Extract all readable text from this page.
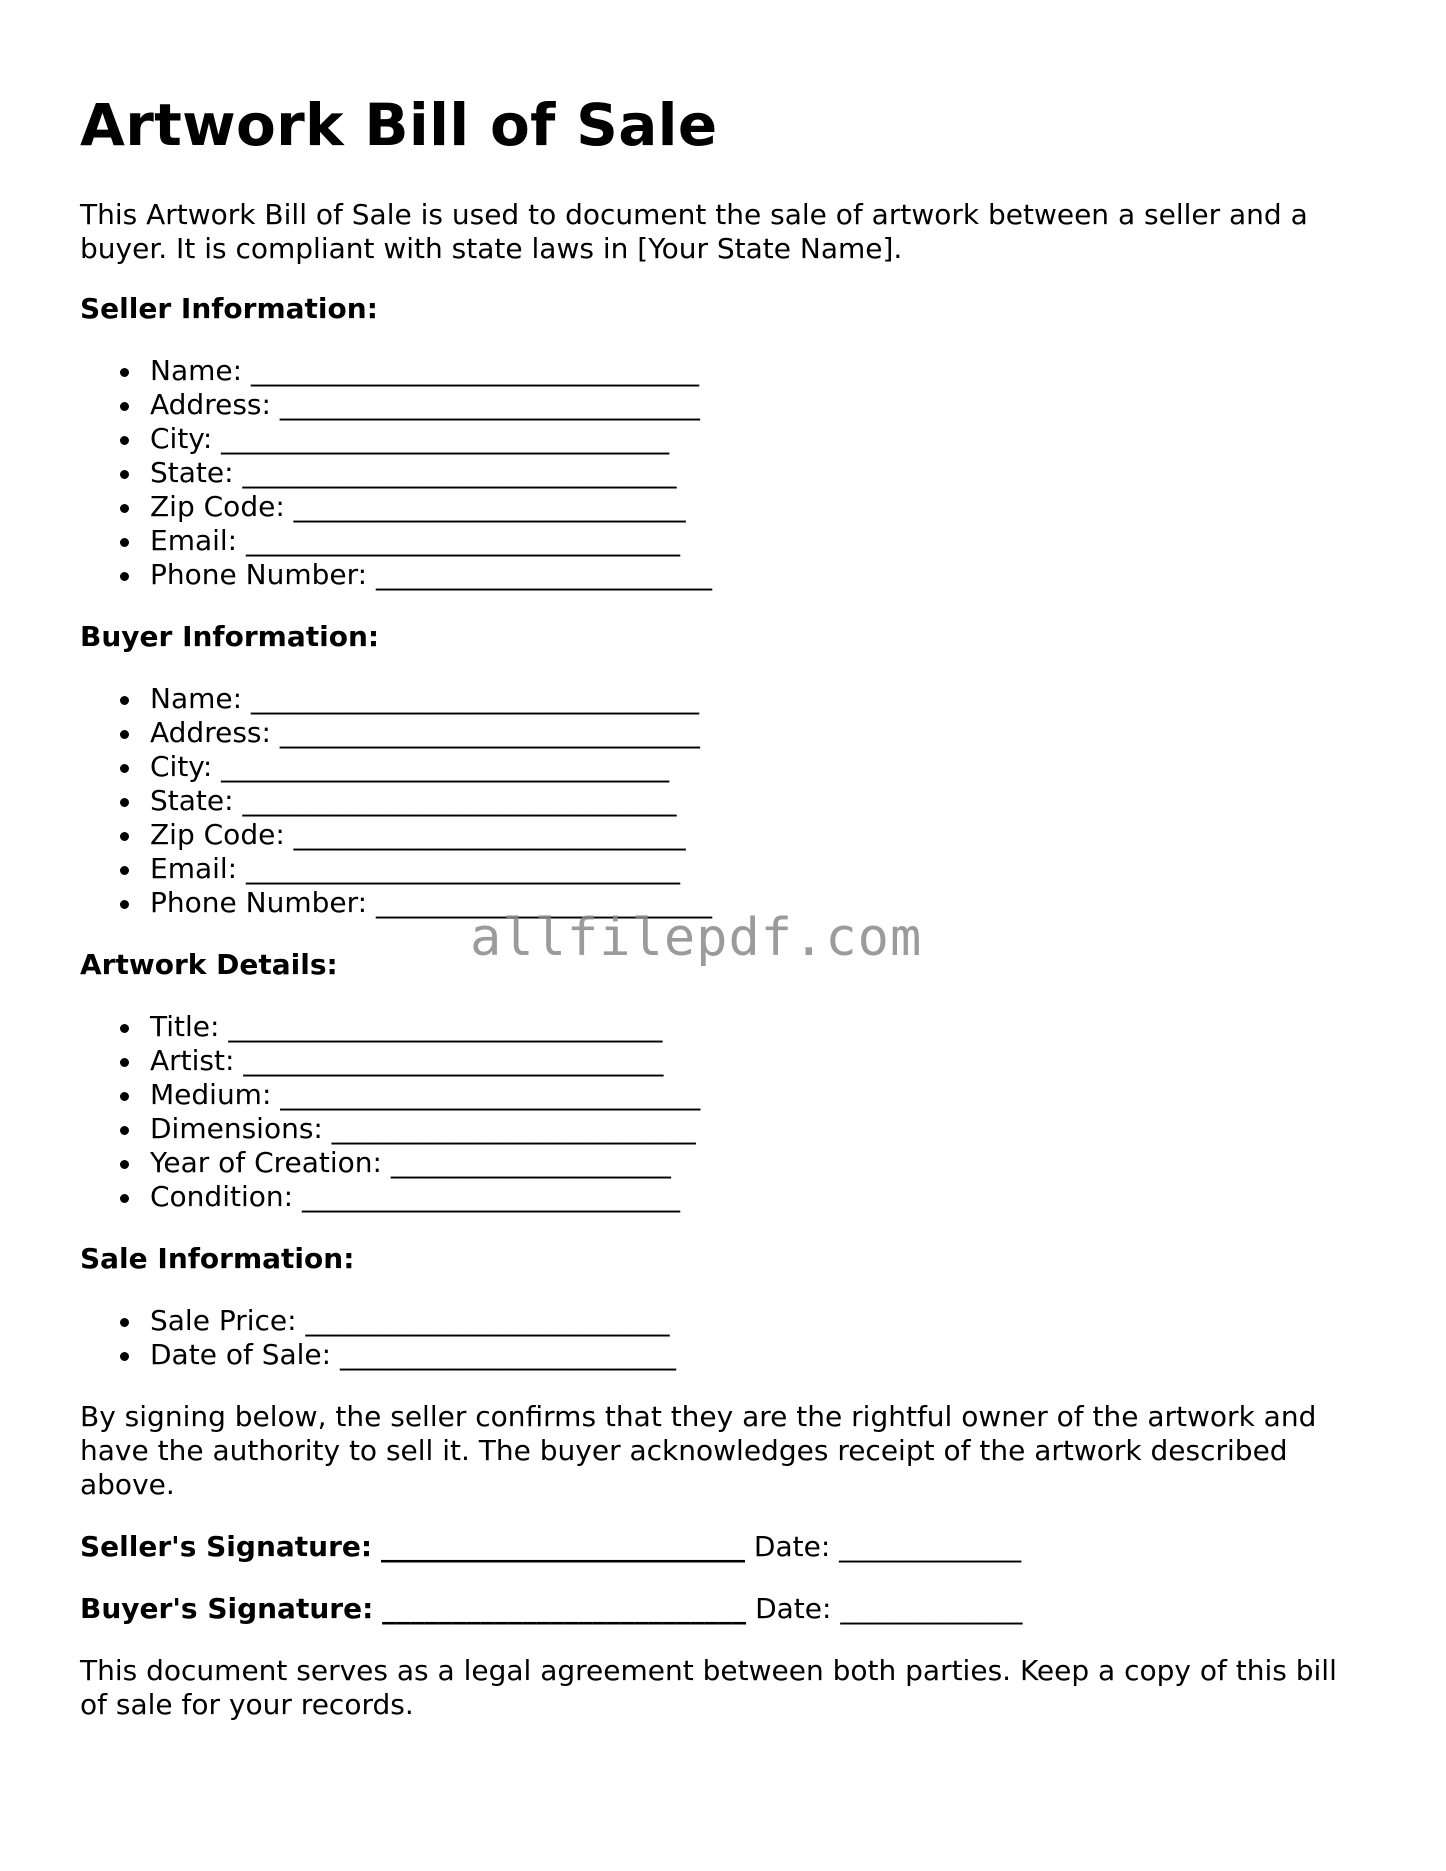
Artwork Bill of Sale

This Artwork Bill of Sale is used to document the sale of artwork between a seller and a buyer. It is compliant with state laws in [Your State Name].

Seller Information:
Name: ________________________________
Address: ______________________________
City: ________________________________
State: _______________________________
Zip Code: ____________________________
Email: _______________________________
Phone Number: ________________________
Buyer Information:
Name: ________________________________
Address: ______________________________
City: ________________________________
State: _______________________________
Zip Code: ____________________________
Email: _______________________________
Phone Number: ________________________
Artwork Details:
Title: _______________________________
Artist: ______________________________
Medium: ______________________________
Dimensions: __________________________
Year of Creation: ____________________
Condition: ___________________________
Sale Information:
Sale Price: __________________________
Date of Sale: ________________________

By signing below, the seller confirms that they are the rightful owner of the artwork and have the authority to sell it. The buyer acknowledges receipt of the artwork described above.

Seller's Signature: __________________________ Date: _____________

Buyer's Signature: __________________________ Date: _____________

This document serves as a legal agreement between both parties. Keep a copy of this bill of sale for your records.

allfilepdf.com
